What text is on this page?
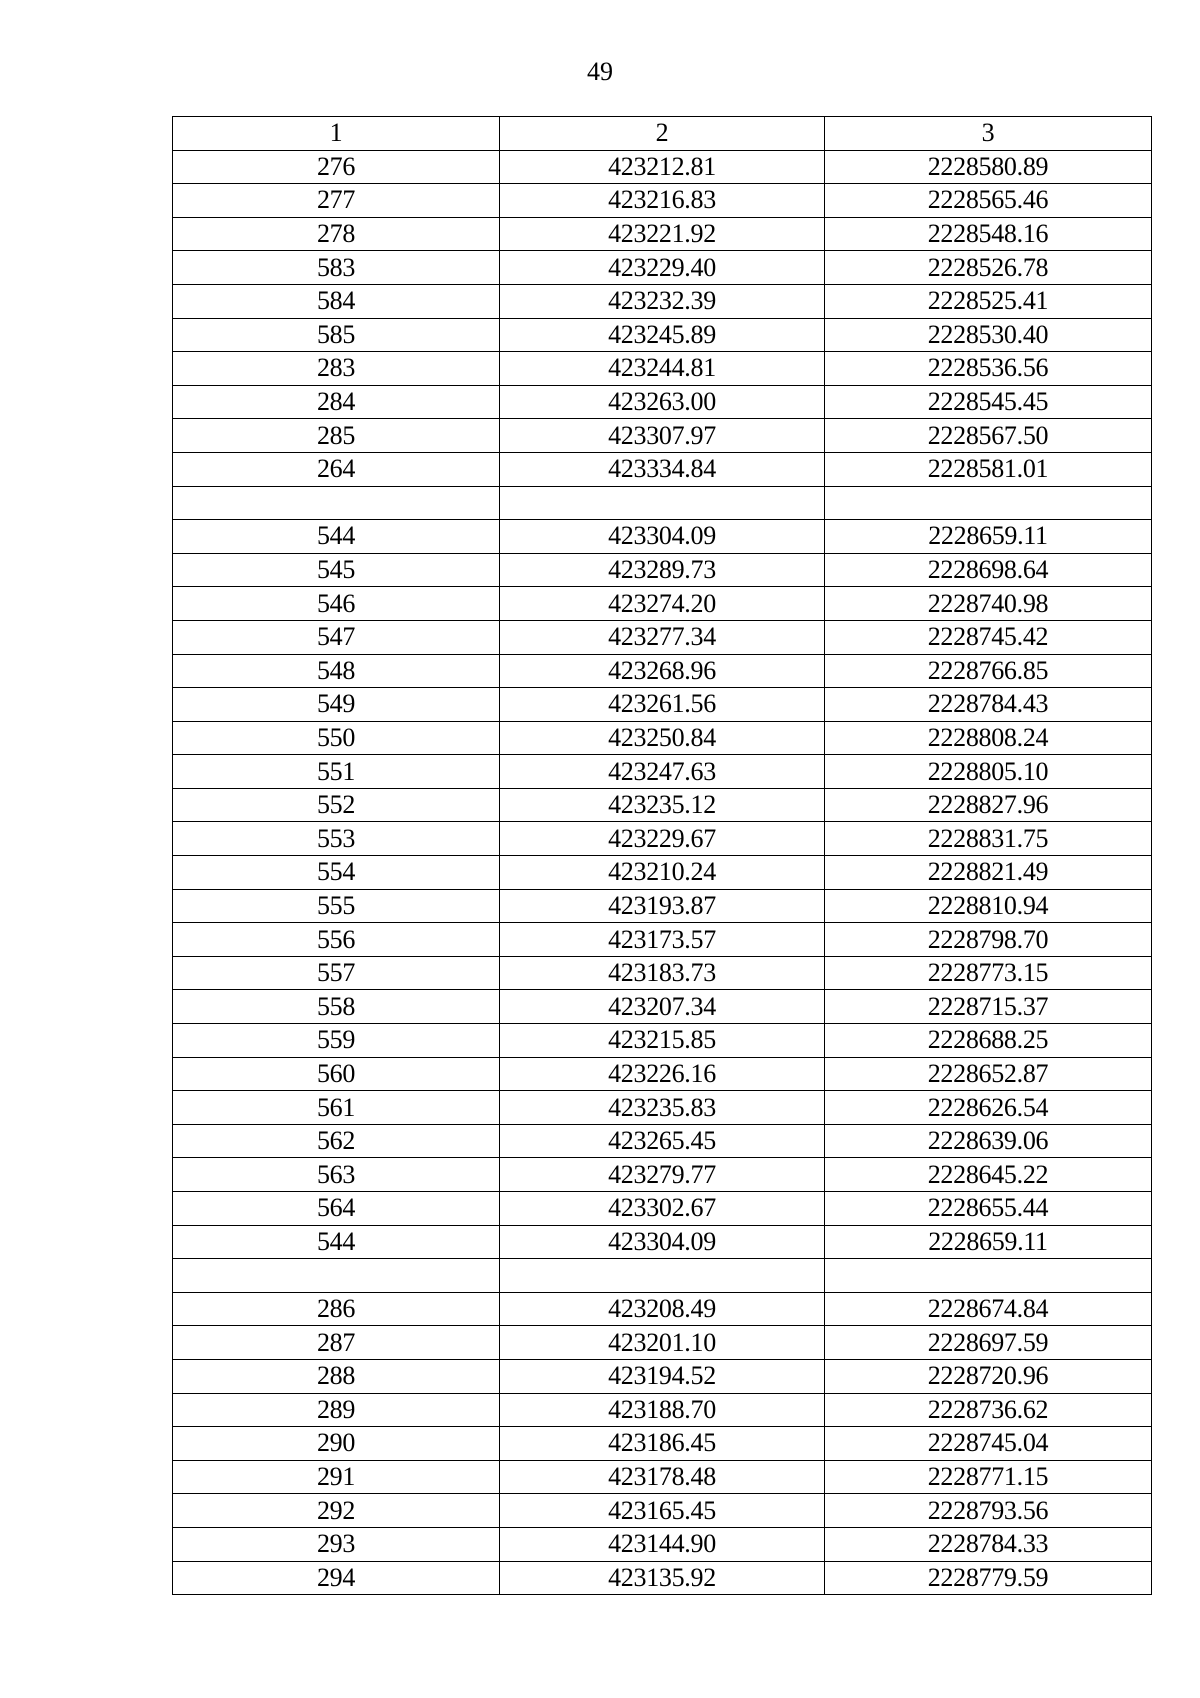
49
1	2	3
276	423212.81	2228580.89
277	423216.83	2228565.46
278	423221.92	2228548.16
583	423229.40	2228526.78
584	423232.39	2228525.41
585	423245.89	2228530.40
283	423244.81	2228536.56
284	423263.00	2228545.45
285	423307.97	2228567.50
264	423334.84	2228581.01

544	423304.09	2228659.11
545	423289.73	2228698.64
546	423274.20	2228740.98
547	423277.34	2228745.42
548	423268.96	2228766.85
549	423261.56	2228784.43
550	423250.84	2228808.24
551	423247.63	2228805.10
552	423235.12	2228827.96
553	423229.67	2228831.75
554	423210.24	2228821.49
555	423193.87	2228810.94
556	423173.57	2228798.70
557	423183.73	2228773.15
558	423207.34	2228715.37
559	423215.85	2228688.25
560	423226.16	2228652.87
561	423235.83	2228626.54
562	423265.45	2228639.06
563	423279.77	2228645.22
564	423302.67	2228655.44
544	423304.09	2228659.11

286	423208.49	2228674.84
287	423201.10	2228697.59
288	423194.52	2228720.96
289	423188.70	2228736.62
290	423186.45	2228745.04
291	423178.48	2228771.15
292	423165.45	2228793.56
293	423144.90	2228784.33
294	423135.92	2228779.59
